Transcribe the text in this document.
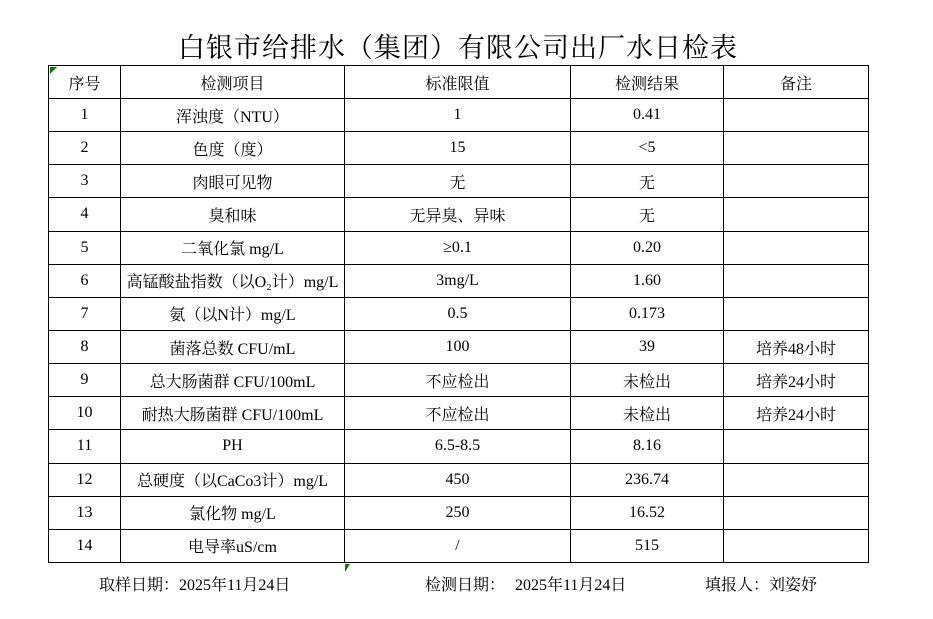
白银市给排水（集团）有限公司出厂水日检表
序号	检测项目	标准限值	检测结果	备注
1	浑浊度（NTU）	1	0.41	
2	色度（度）	15	<5	
3	肉眼可见物	无	无	
4	臭和味	无异臭、异味	无	
5	二氧化氯 mg/L	≥0.1	0.20	
6	高锰酸盐指数（以O₂计）mg/L	3mg/L	1.60	
7	氨（以N计）mg/L	0.5	0.173	
8	菌落总数 CFU/mL	100	39	培养48小时
9	总大肠菌群 CFU/100mL	不应检出	未检出	培养24小时
10	耐热大肠菌群 CFU/100mL	不应检出	未检出	培养24小时
11	PH	6.5-8.5	8.16	
12	总硬度（以CaCo3计）mg/L	450	236.74	
13	氯化物 mg/L	250	16.52	
14	电导率uS/cm	/	515	
取样日期：2025年11月24日	检测日期： 2025年11月24日	填报人：刘姿妤
